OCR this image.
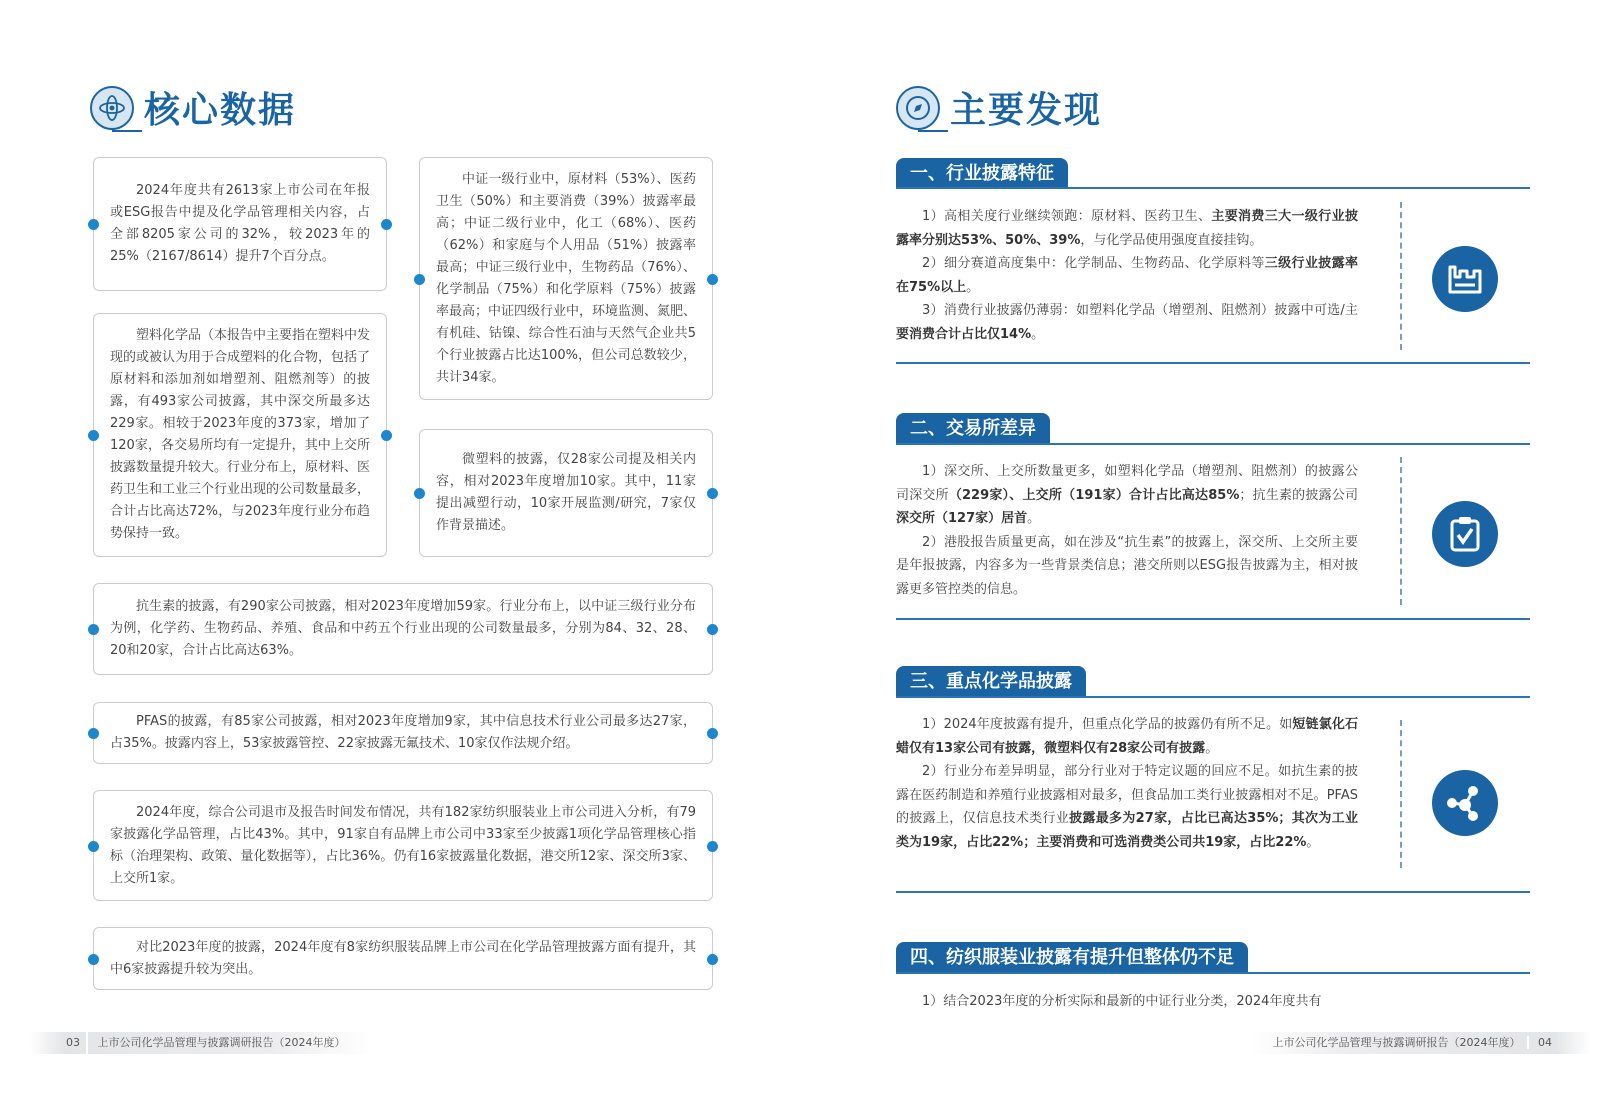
核心数据

2024年度共有2613家上市公司在年报或ESG报告中提及化学品管理相关内容，占全部8205家公司的32%，较2023年的25%（2167/8614）提升7个百分点。

中证一级行业中，原材料（53%）、医药卫生（50%）和主要消费（39%）披露率最高；中证二级行业中，化工（68%）、医药（62%）和家庭与个人用品（51%）披露率最高；中证三级行业中，生物药品（76%）、化学制品（75%）和化学原料（75%）披露率最高；中证四级行业中，环境监测、氮肥、有机硅、钴镍、综合性石油与天然气企业共5个行业披露占比达100%，但公司总数较少，共计34家。

塑料化学品（本报告中主要指在塑料中发现的或被认为用于合成塑料的化合物，包括了原材料和添加剂如增塑剂、阻燃剂等）的披露，有493家公司披露，其中深交所最多达229家。相较于2023年度的373家，增加了120家，各交易所均有一定提升，其中上交所披露数量提升较大。行业分布上，原材料、医药卫生和工业三个行业出现的公司数量最多，合计占比高达72%，与2023年度行业分布趋势保持一致。

微塑料的披露，仅28家公司提及相关内容，相对2023年度增加10家。其中，11家提出减塑行动，10家开展监测/研究，7家仅作背景描述。

抗生素的披露，有290家公司披露，相对2023年度增加59家。行业分布上，以中证三级行业分布为例，化学药、生物药品、养殖、食品和中药五个行业出现的公司数量最多，分别为84、32、28、20和20家，合计占比高达63%。

PFAS的披露，有85家公司披露，相对2023年度增加9家，其中信息技术行业公司最多达27家，占35%。披露内容上，53家披露管控、22家披露无氟技术、10家仅作法规介绍。

2024年度，综合公司退市及报告时间发布情况，共有182家纺织服装业上市公司进入分析，有79家披露化学品管理，占比43%。其中，91家自有品牌上市公司中33家至少披露1项化学品管理核心指标（治理架构、政策、量化数据等），占比36%。仍有16家披露量化数据，港交所12家、深交所3家、上交所1家。

对比2023年度的披露，2024年度有8家纺织服装品牌上市公司在化学品管理披露方面有提升，其中6家披露提升较为突出。

03 上市公司化学品管理与披露调研报告（2024年度）
主要发现
一、行业披露特征

1）高相关度行业继续领跑：原材料、医药卫生、主要消费三大一级行业披露率分别达53%、50%、39%，与化学品使用强度直接挂钩。

2）细分赛道高度集中：化学制品、生物药品、化学原料等三级行业披露率在75%以上。

3）消费行业披露仍薄弱：如塑料化学品（增塑剂、阻燃剂）披露中可选/主要消费合计占比仅14%。

二、交易所差异

1）深交所、上交所数量更多，如塑料化学品（增塑剂、阻燃剂）的披露公司深交所（229家）、上交所（191家）合计占比高达85%；抗生素的披露公司深交所（127家）居首。

2）港股报告质量更高，如在涉及“抗生素”的披露上，深交所、上交所主要是年报披露，内容多为一些背景类信息；港交所则以ESG报告披露为主，相对披露更多管控类的信息。

三、重点化学品披露

1）2024年度披露有提升，但重点化学品的披露仍有所不足。如短链氯化石蜡仅有13家公司有披露，微塑料仅有28家公司有披露。

2）行业分布差异明显，部分行业对于特定议题的回应不足。如抗生素的披露在医药制造和养殖行业披露相对最多，但食品加工类行业披露相对不足。PFAS的披露上，仅信息技术类行业披露最多为27家，占比已高达35%；其次为工业类为19家，占比22%；主要消费和可选消费类公司共19家，占比22%。

四、纺织服装业披露有提升但整体仍不足

1）结合2023年度的分析实际和最新的中证行业分类，2024年度共有

上市公司化学品管理与披露调研报告（2024年度） 04
